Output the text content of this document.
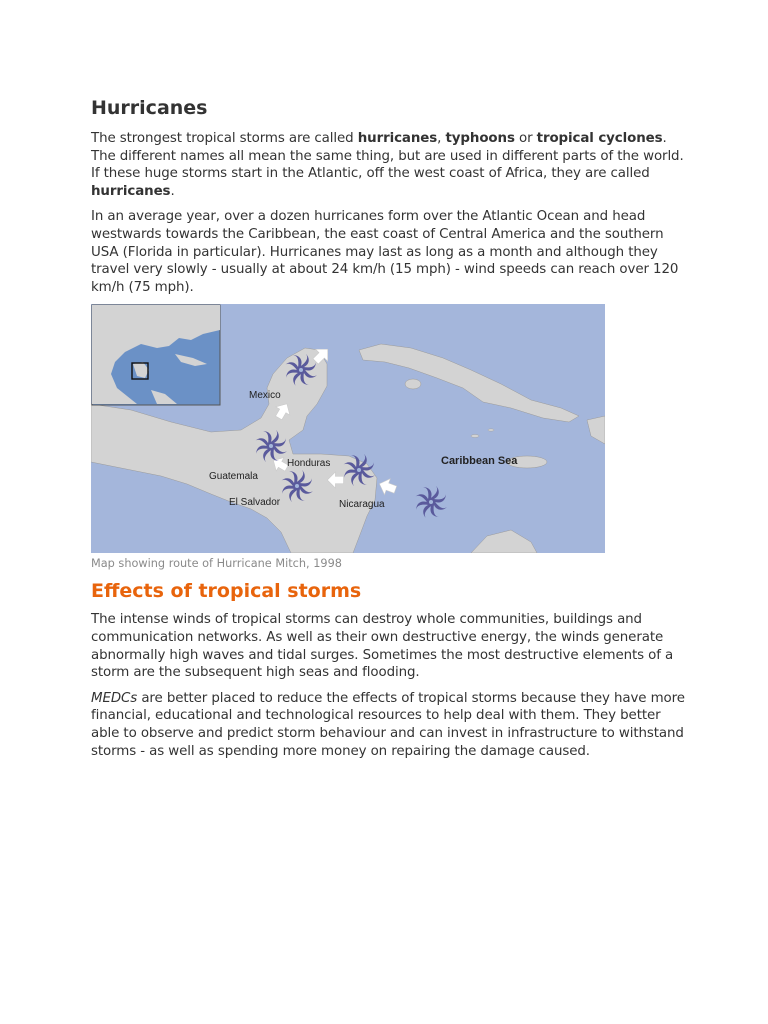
Hurricanes

The strongest tropical storms are called hurricanes, typhoons or tropical cyclones. The different names all mean the same thing, but are used in different parts of the world. If these huge storms start in the Atlantic, off the west coast of Africa, they are called hurricanes.

In an average year, over a dozen hurricanes form over the Atlantic Ocean and head westwards towards the Caribbean, the east coast of Central America and the southern USA (Florida in particular). Hurricanes may last as long as a month and although they travel very slowly - usually at about 24 km/h (15 mph) - wind speeds can reach over 120 km/h (75 mph).

Mexico
Honduras
Guatemala
El Salvador	Nicaragua
Caribbean Sea
Map showing route of Hurricane Mitch, 1998
Effects of tropical storms

The intense winds of tropical storms can destroy whole communities, buildings and communication networks. As well as their own destructive energy, the winds generate abnormally high waves and tidal surges. Sometimes the most destructive elements of a storm are the subsequent high seas and flooding.

MEDCs are better placed to reduce the effects of tropical storms because they have more financial, educational and technological resources to help deal with them. They better able to observe and predict storm behaviour and can invest in infrastructure to withstand storms - as well as spending more money on repairing the damage caused.
